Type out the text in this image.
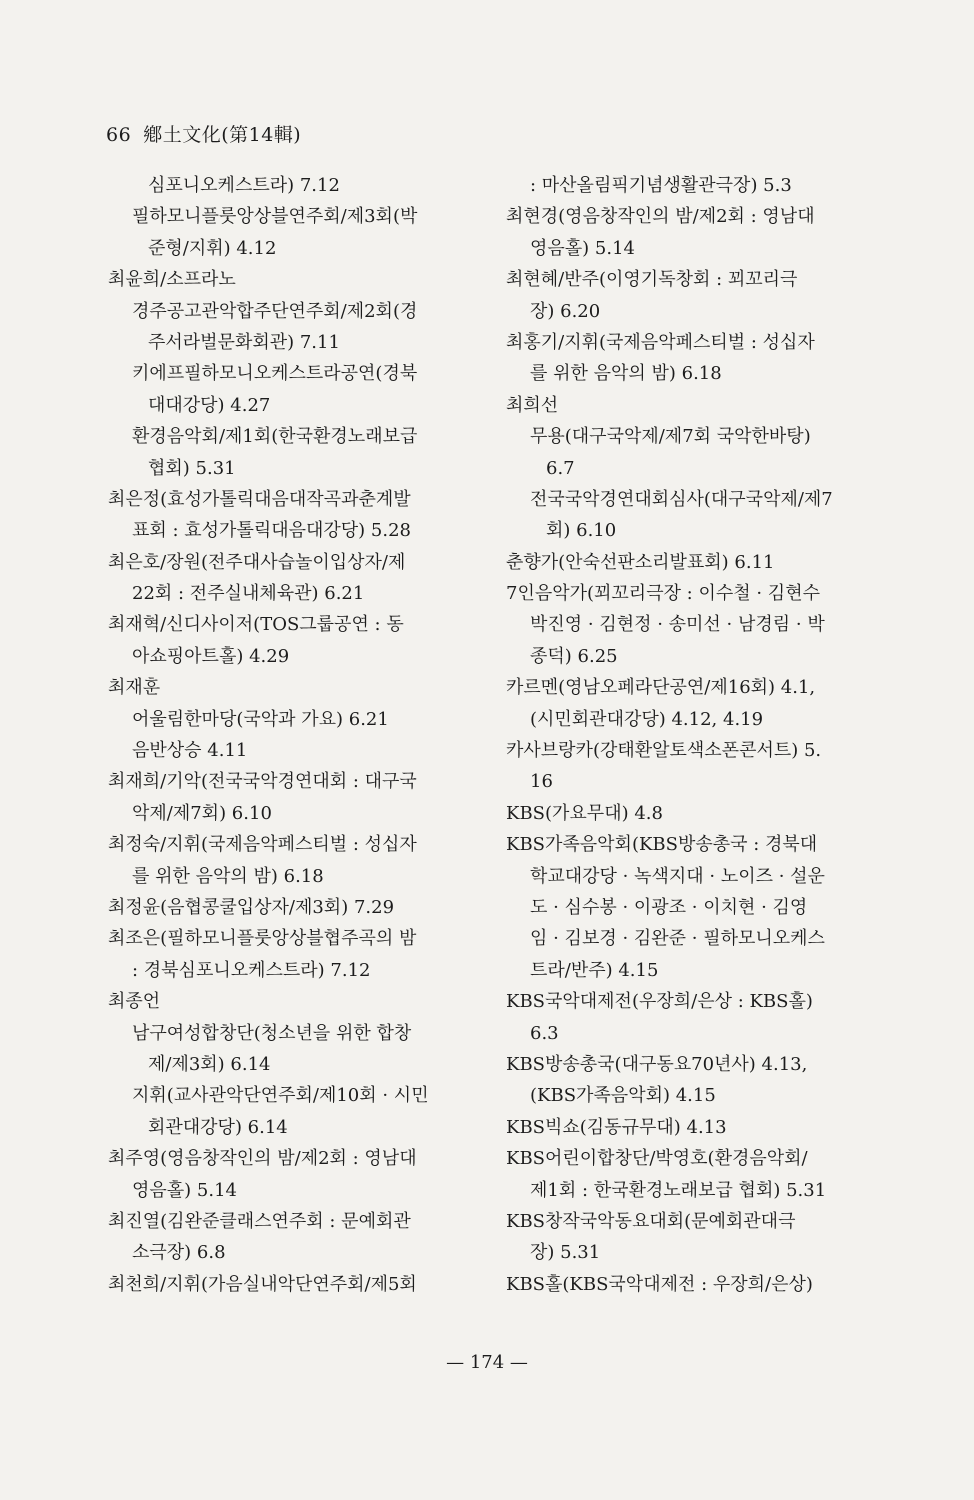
66 鄕土文化(第14輯)
심포니오케스트라) 7.12
필하모니플룻앙상블연주회/제3회(박
준형/지휘) 4.12
최윤희/소프라노
경주공고관악합주단연주회/제2회(경
주서라벌문화회관) 7.11
키에프필하모니오케스트라공연(경북
대대강당) 4.27
환경음악회/제1회(한국환경노래보급
협회) 5.31
최은정(효성가톨릭대음대작곡과춘계발
표회 : 효성가톨릭대음대강당) 5.28
최은호/장원(전주대사습놀이입상자/제
22회 : 전주실내체육관) 6.21
최재혁/신디사이저(TOS그룹공연 : 동
아쇼핑아트홀) 4.29
최재훈
어울림한마당(국악과 가요) 6.21
음반상승 4.11
최재희/기악(전국국악경연대회 : 대구국
악제/제7회) 6.10
최정숙/지휘(국제음악페스티벌 : 성십자
를 위한 음악의 밤) 6.18
최정윤(음협콩쿨입상자/제3회) 7.29
최조은(필하모니플룻앙상블협주곡의 밤
: 경북심포니오케스트라) 7.12
최종언
남구여성합창단(청소년을 위한 합창
제/제3회) 6.14
지휘(교사관악단연주회/제10회 · 시민
회관대강당) 6.14
최주영(영음창작인의 밤/제2회 : 영남대
영음홀) 5.14
최진열(김완준클래스연주회 : 문예회관
소극장) 6.8
최천희/지휘(가음실내악단연주회/제5회
: 마산올림픽기념생활관극장) 5.3
최현경(영음창작인의 밤/제2회 : 영남대
영음홀) 5.14
최현혜/반주(이영기독창회 : 꾀꼬리극
장) 6.20
최홍기/지휘(국제음악페스티벌 : 성십자
를 위한 음악의 밤) 6.18
최희선
무용(대구국악제/제7회 국악한바탕)
6.7
전국국악경연대회심사(대구국악제/제7
회) 6.10
춘향가(안숙선판소리발표회) 6.11
7인음악가(꾀꼬리극장 : 이수철 · 김현수
박진영 · 김현정 · 송미선 · 남경림 · 박
종덕) 6.25
카르멘(영남오페라단공연/제16회) 4.1,
(시민회관대강당) 4.12, 4.19
카사브랑카(강태환알토색소폰콘서트) 5.
16
KBS(가요무대) 4.8
KBS가족음악회(KBS방송총국 : 경북대
학교대강당 · 녹색지대 · 노이즈 · 설운
도 · 심수봉 · 이광조 · 이치현 · 김영
임 · 김보경 · 김완준 · 필하모니오케스
트라/반주) 4.15
KBS국악대제전(우장희/은상 : KBS홀)
6.3
KBS방송총국(대구동요70년사) 4.13,
(KBS가족음악회) 4.15
KBS빅쇼(김동규무대) 4.13
KBS어린이합창단/박영호(환경음악회/
제1회 : 한국환경노래보급 협회) 5.31
KBS창작국악동요대회(문예회관대극
장) 5.31
KBS홀(KBS국악대제전 : 우장희/은상)
— 174 —
